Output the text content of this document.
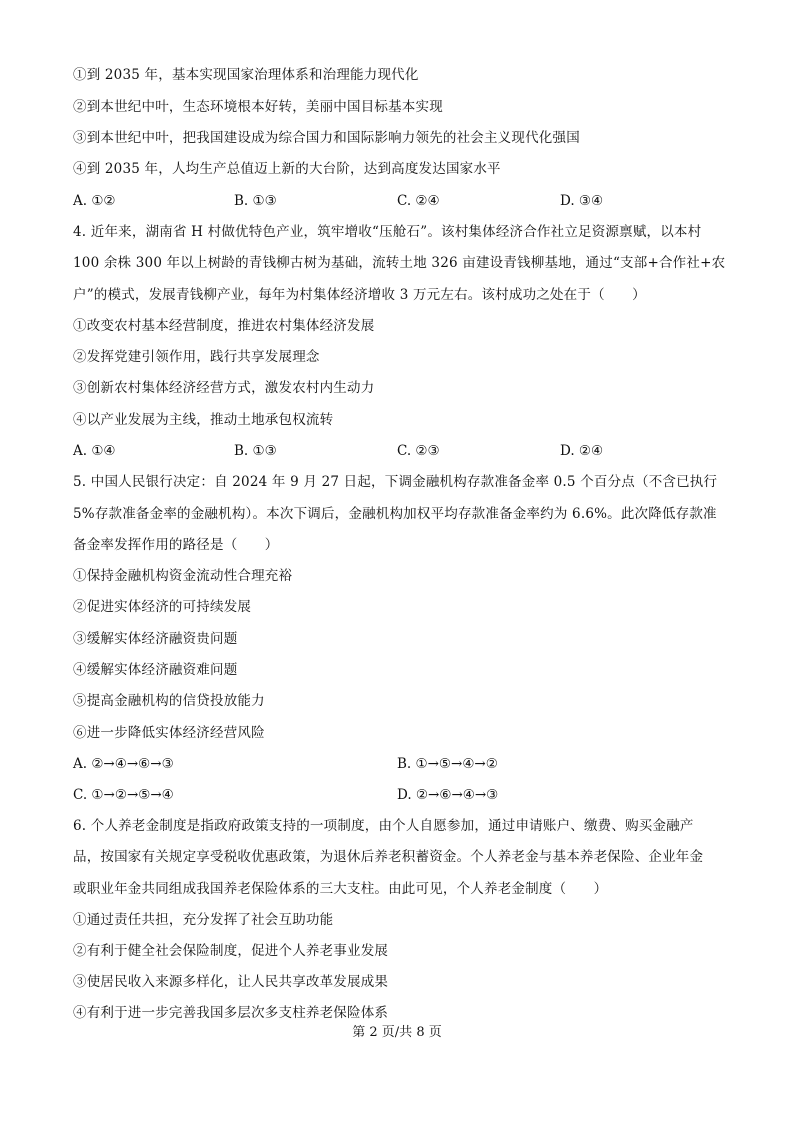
①到 2035 年，基本实现国家治理体系和治理能力现代化
②到本世纪中叶，生态环境根本好转，美丽中国目标基本实现
③到本世纪中叶，把我国建设成为综合国力和国际影响力领先的社会主义现代化强国
④到 2035 年，人均生产总值迈上新的大台阶，达到高度发达国家水平
A. ①②	B. ①③	C. ②④	D. ③④
4. 近年来，湖南省 H 村做优特色产业，筑牢增收“压舱石”。该村集体经济合作社立足资源禀赋，以本村
100 余株 300 年以上树龄的青钱柳古树为基础，流转土地 326 亩建设青钱柳基地，通过“支部+合作社+农
户”的模式，发展青钱柳产业，每年为村集体经济增收 3 万元左右。该村成功之处在于（　　）
①改变农村基本经营制度，推进农村集体经济发展
②发挥党建引领作用，践行共享发展理念
③创新农村集体经济经营方式，激发农村内生动力
④以产业发展为主线，推动土地承包权流转
A. ①④	B. ①③	C. ②③	D. ②④
5. 中国人民银行决定：自 2024 年 9 月 27 日起，下调金融机构存款准备金率 0.5 个百分点（不含已执行
5%存款准备金率的金融机构）。本次下调后，金融机构加权平均存款准备金率约为 6.6%。此次降低存款准
备金率发挥作用的路径是（　　）
①保持金融机构资金流动性合理充裕
②促进实体经济的可持续发展
③缓解实体经济融资贵问题
④缓解实体经济融资难问题
⑤提高金融机构的信贷投放能力
⑥进一步降低实体经济经营风险
A. ②→④→⑥→③	B. ①→⑤→④→②
C. ①→②→⑤→④	D. ②→⑥→④→③
6. 个人养老金制度是指政府政策支持的一项制度，由个人自愿参加，通过申请账户、缴费、购买金融产
品，按国家有关规定享受税收优惠政策，为退休后养老积蓄资金。个人养老金与基本养老保险、企业年金
或职业年金共同组成我国养老保险体系的三大支柱。由此可见，个人养老金制度（　　）
①通过责任共担，充分发挥了社会互助功能
②有利于健全社会保险制度，促进个人养老事业发展
③使居民收入来源多样化，让人民共享改革发展成果
④有利于进一步完善我国多层次多支柱养老保险体系
第 2 页/共 8 页
